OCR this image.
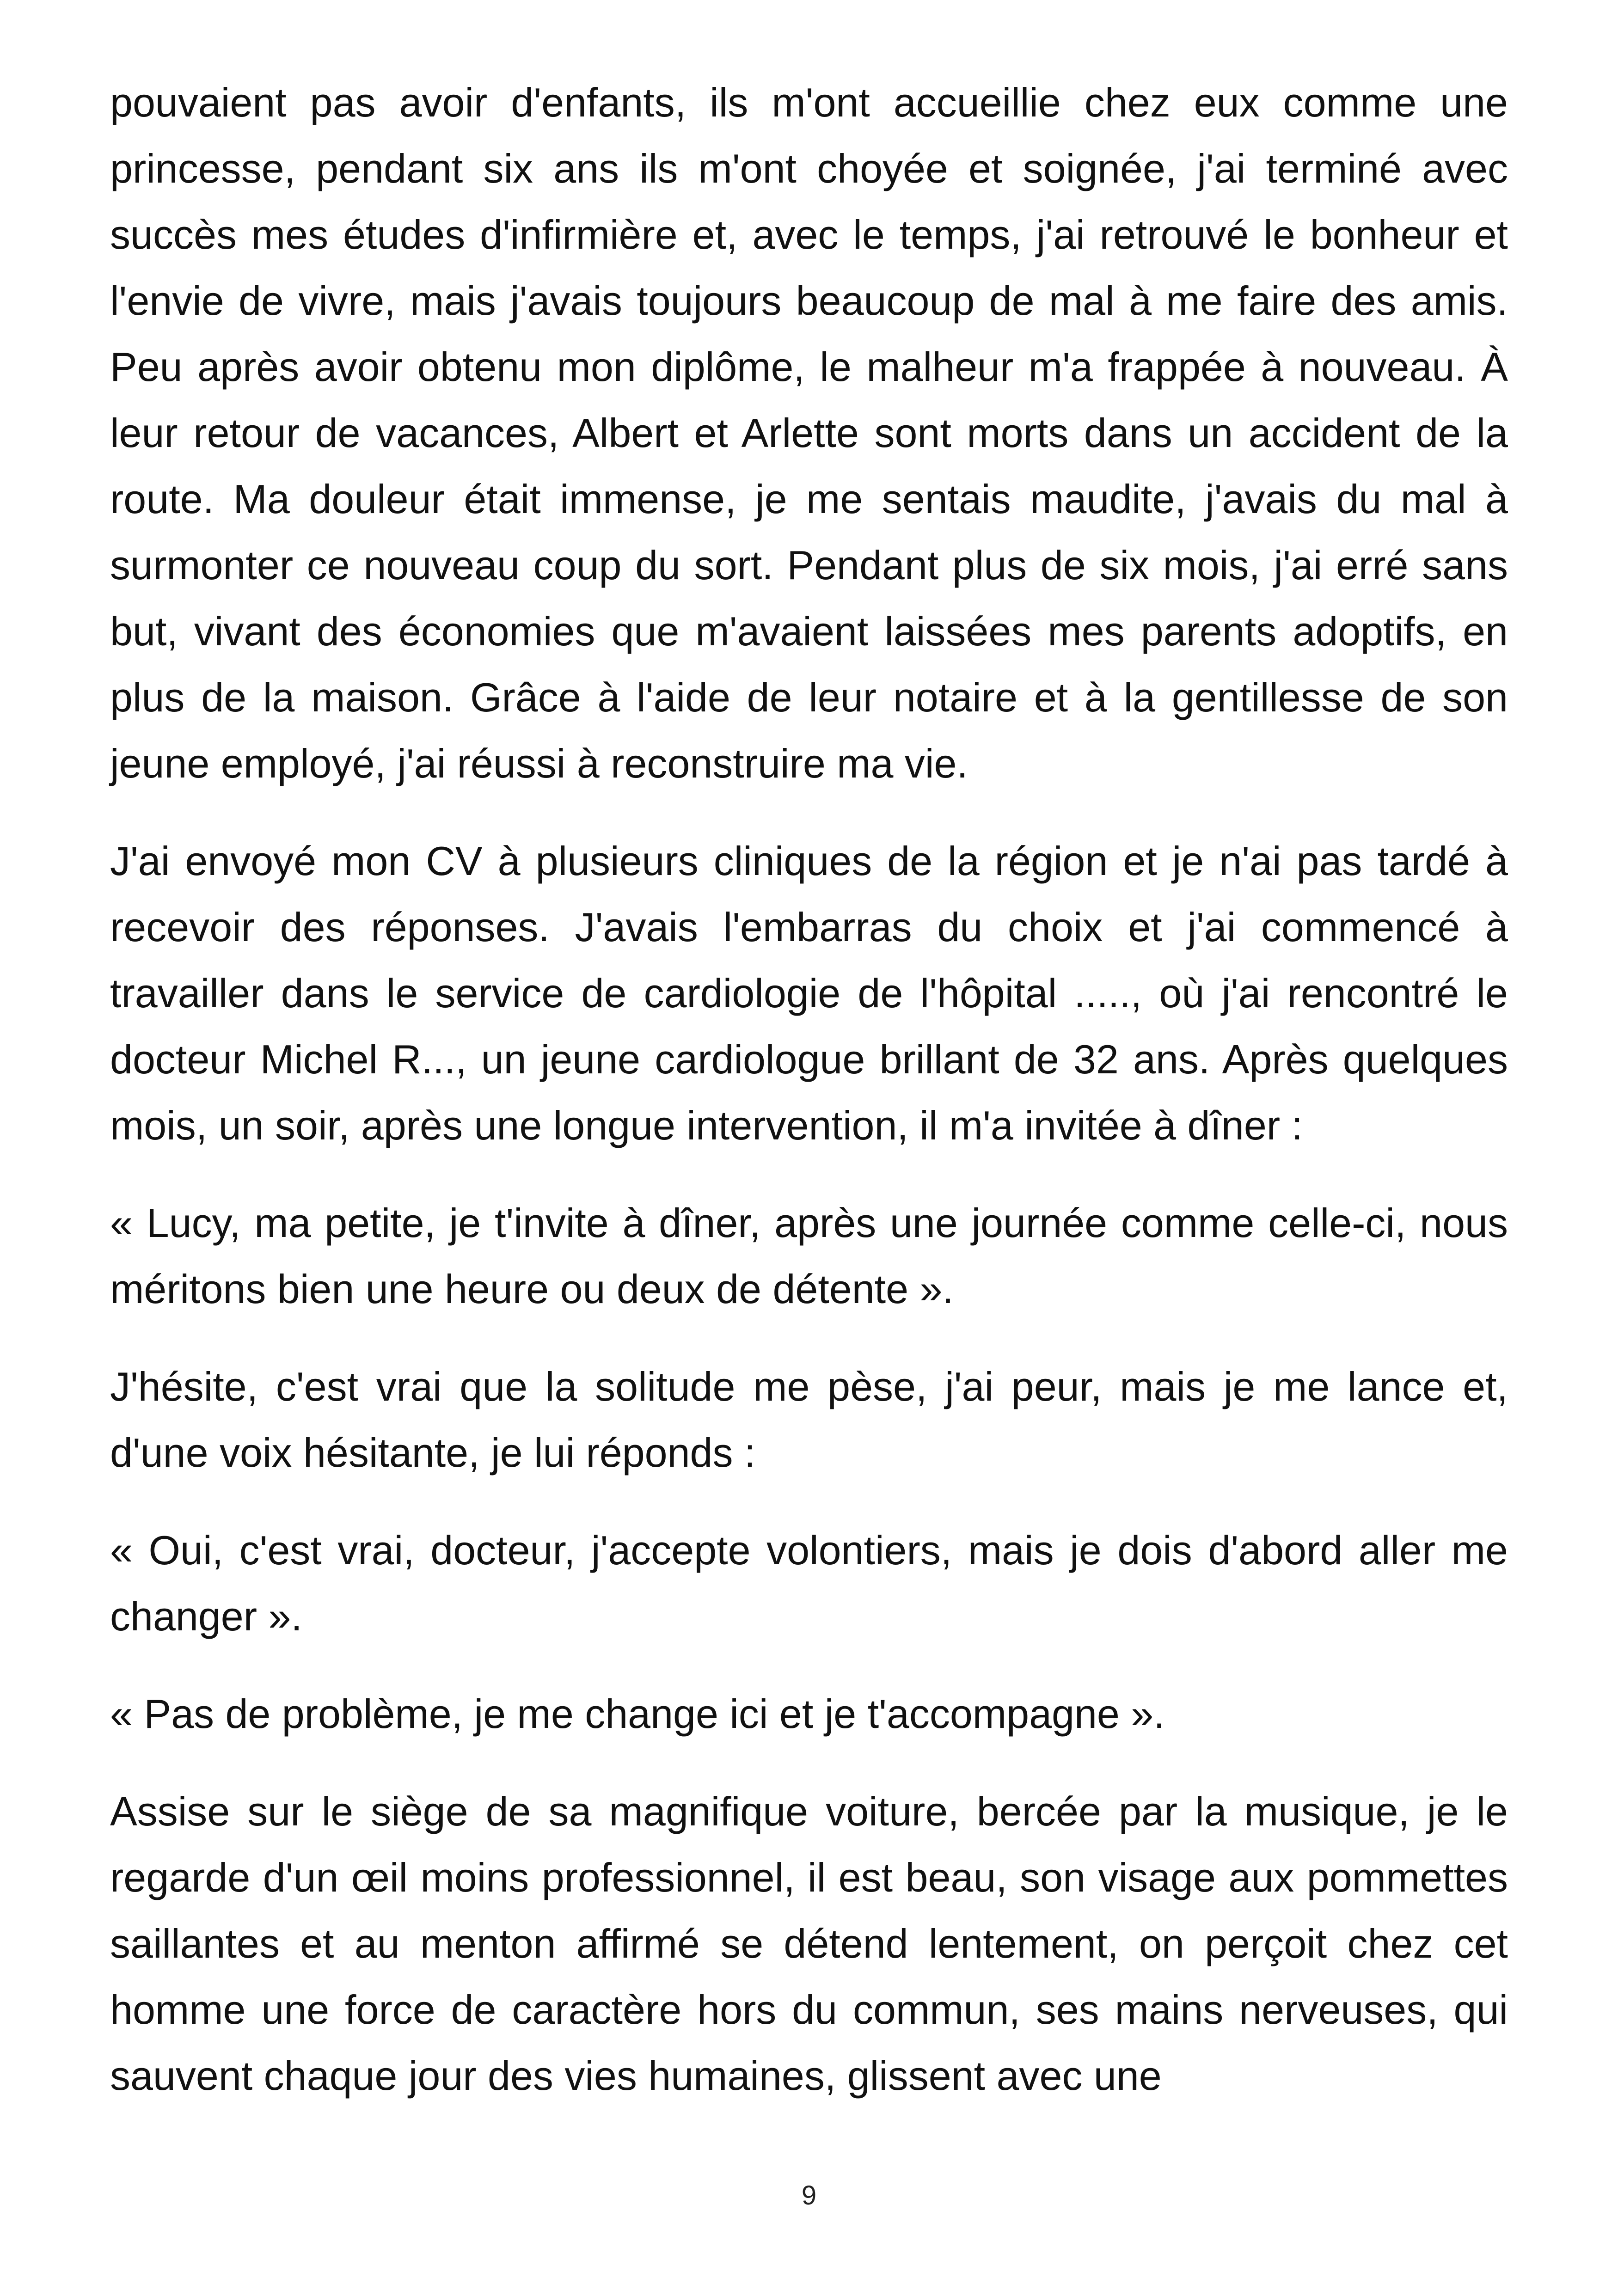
pouvaient pas avoir d'enfants, ils m'ont accueillie chez eux comme une princesse, pendant six ans ils m'ont choyée et soignée, j'ai terminé avec succès mes études d'infirmière et, avec le temps, j'ai retrouvé le bonheur et l'envie de vivre, mais j'avais toujours beaucoup de mal à me faire des amis. Peu après avoir obtenu mon diplôme, le malheur m'a frappée à nouveau. À leur retour de vacances, Albert et Arlette sont morts dans un accident de la route. Ma douleur était immense, je me sentais maudite, j'avais du mal à surmonter ce nouveau coup du sort. Pendant plus de six mois, j'ai erré sans but, vivant des économies que m'avaient laissées mes parents adoptifs, en plus de la maison. Grâce à l'aide de leur notaire et à la gentillesse de son jeune employé, j'ai réussi à reconstruire ma vie.

J'ai envoyé mon CV à plusieurs cliniques de la région et je n'ai pas tardé à recevoir des réponses. J'avais l'embarras du choix et j'ai commencé à travailler dans le service de cardiologie de l'hôpital ....., où j'ai rencontré le docteur Michel R..., un jeune cardiologue brillant de 32 ans. Après quelques mois, un soir, après une longue intervention, il m'a invitée à dîner :

« Lucy, ma petite, je t'invite à dîner, après une journée comme celle-ci, nous méritons bien une heure ou deux de détente ».

J'hésite, c'est vrai que la solitude me pèse, j'ai peur, mais je me lance et, d'une voix hésitante, je lui réponds :

« Oui, c'est vrai, docteur, j'accepte volontiers, mais je dois d'abord aller me changer ».

« Pas de problème, je me change ici et je t'accompagne ».

Assise sur le siège de sa magnifique voiture, bercée par la musique, je le regarde d'un œil moins professionnel, il est beau, son visage aux pommettes saillantes et au menton affirmé se détend lentement, on perçoit chez cet homme une force de caractère hors du commun, ses mains nerveuses, qui sauvent chaque jour des vies humaines, glissent avec une

9
